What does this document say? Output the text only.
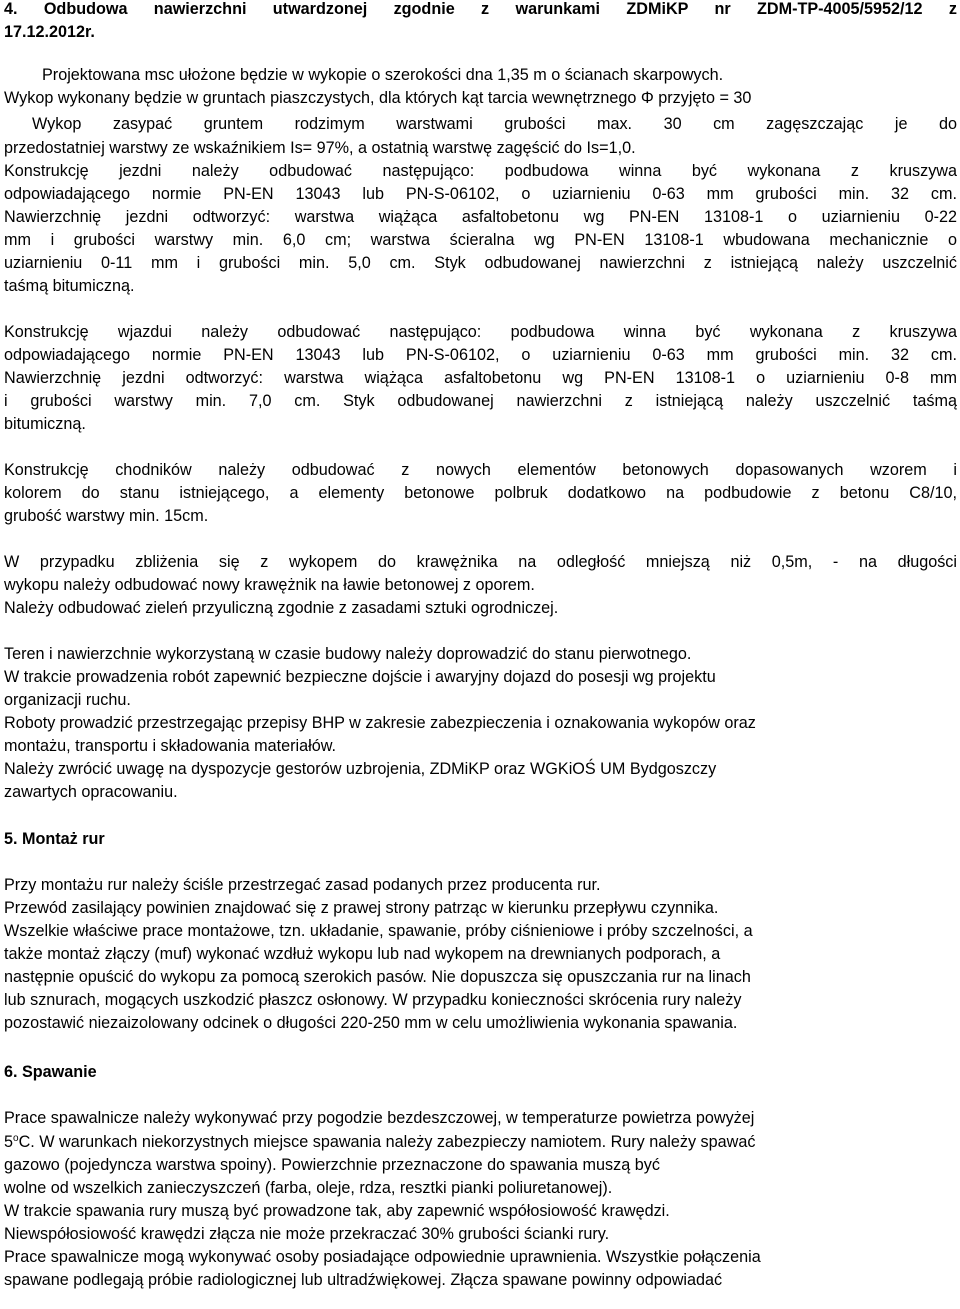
4. Odbudowa nawierzchni utwardzonej zgodnie z warunkami ZDMiKP nr ZDM-TP-4005/5952/12 z
17.12.2012r.
Projektowana msc ułożone będzie w wykopie o szerokości dna 1,35 m o ścianach skarpowych.
Wykop wykonany będzie w gruntach piaszczystych, dla których kąt tarcia wewnętrznego Φ przyjęto = 30
Wykop zasypać gruntem rodzimym warstwami grubości max. 30 cm zagęszczając je do
przedostatniej warstwy ze wskaźnikiem Is= 97%, a ostatnią warstwę zagęścić do Is=1,0.
Konstrukcję jezdni należy odbudować następująco: podbudowa winna być wykonana z kruszywa
odpowiadającego normie PN-EN 13043 lub PN-S-06102, o uziarnieniu 0-63 mm grubości min. 32 cm.
Nawierzchnię jezdni odtworzyć: warstwa wiążąca asfaltobetonu wg PN-EN 13108-1 o uziarnieniu 0-22
mm i grubości warstwy min. 6,0 cm; warstwa ścieralna wg PN-EN 13108-1 wbudowana mechanicznie o
uziarnieniu 0-11 mm i grubości min. 5,0 cm. Styk odbudowanej nawierzchni z istniejącą należy uszczelnić
taśmą bitumiczną.
Konstrukcję wjazdui należy odbudować następująco: podbudowa winna być wykonana z kruszywa
odpowiadającego normie PN-EN 13043 lub PN-S-06102, o uziarnieniu 0-63 mm grubości min. 32 cm.
Nawierzchnię jezdni odtworzyć: warstwa wiążąca asfaltobetonu wg PN-EN 13108-1 o uziarnieniu 0-8 mm
i grubości warstwy min. 7,0 cm. Styk odbudowanej nawierzchni z istniejącą należy uszczelnić taśmą
bitumiczną.
Konstrukcję chodników należy odbudować z nowych elementów betonowych dopasowanych wzorem i
kolorem do stanu istniejącego, a elementy betonowe polbruk dodatkowo na podbudowie z betonu C8/10,
grubość warstwy min. 15cm.
W przypadku zbliżenia się z wykopem do krawężnika na odległość mniejszą niż 0,5m, - na długości
wykopu należy odbudować nowy krawężnik na ławie betonowej z oporem.
Należy odbudować zieleń przyuliczną zgodnie z zasadami sztuki ogrodniczej.
Teren i nawierzchnie wykorzystaną w czasie budowy należy doprowadzić do stanu pierwotnego.
W trakcie prowadzenia robót zapewnić bezpieczne dojście i awaryjny dojazd do posesji wg projektu
organizacji ruchu.
Roboty prowadzić przestrzegając przepisy BHP w zakresie zabezpieczenia i oznakowania wykopów oraz
montażu, transportu i składowania materiałów.
Należy zwrócić uwagę na dyspozycje gestorów uzbrojenia, ZDMiKP oraz WGKiOŚ UM Bydgoszczy
zawartych opracowaniu.
5. Montaż rur
Przy montażu rur należy ściśle przestrzegać zasad podanych przez producenta rur.
Przewód zasilający powinien znajdować się z prawej strony patrząc w kierunku przepływu czynnika.
Wszelkie właściwe prace montażowe, tzn. układanie, spawanie, próby ciśnieniowe i próby szczelności, a
także montaż złączy (muf) wykonać wzdłuż wykopu lub nad wykopem na drewnianych podporach, a
następnie opuścić do wykopu za pomocą szerokich pasów. Nie dopuszcza się opuszczania rur na linach
lub sznurach, mogących uszkodzić płaszcz osłonowy. W przypadku konieczności skrócenia rury należy
pozostawić niezaizolowany odcinek o długości 220-250 mm w celu umożliwienia wykonania spawania.
6. Spawanie
Prace spawalnicze należy wykonywać przy pogodzie bezdeszczowej, w temperaturze powietrza powyżej
5$^o$C. W warunkach niekorzystnych miejsce spawania należy zabezpieczy namiotem. Rury należy spawać
gazowo (pojedyncza warstwa spoiny). Powierzchnie przeznaczone do spawania muszą być
wolne od wszelkich zanieczyszczeń (farba, oleje, rdza, resztki pianki poliuretanowej).
W trakcie spawania rury muszą być prowadzone tak, aby zapewnić współosiowość krawędzi.
Niewspółosiowość krawędzi złącza nie może przekraczać 30% grubości ścianki rury.
Prace spawalnicze mogą wykonywać osoby posiadające odpowiednie uprawnienia. Wszystkie połączenia
spawane podlegają próbie radiologicznej lub ultradźwiękowej. Złącza spawane powinny odpowiadać
